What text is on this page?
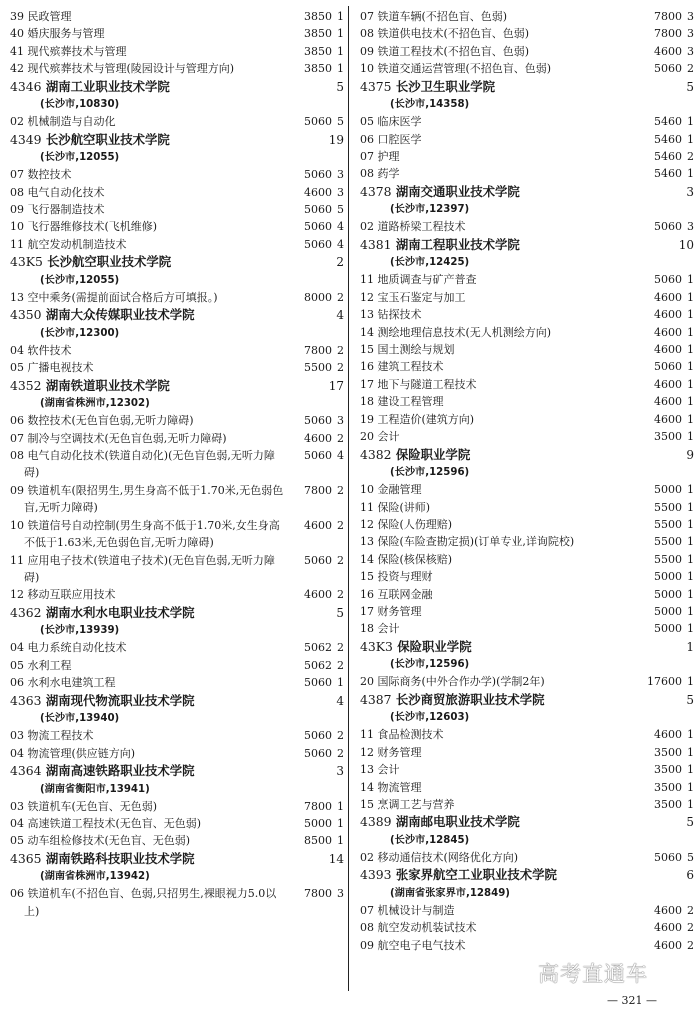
39 民政管理	3850 1
40 婚庆服务与管理	3850 1
41 现代殡葬技术与管理	3850 1
42 现代殡葬技术与管理(陵园设计与管理方向)	3850 1
4346 湖南工业职业技术学院	5
(长沙市,10830)
02 机械制造与自动化	5060 5
4349 长沙航空职业技术学院	19
(长沙市,12055)
07 数控技术	5060 3
08 电气自动化技术	4600 3
09 飞行器制造技术	5060 5
10 飞行器维修技术(飞机维修)	5060 4
11 航空发动机制造技术	5060 4
43K5 长沙航空职业技术学院	2
(长沙市,12055)
13 空中乘务(需提前面试合格后方可填报。)	8000 2
4350 湖南大众传媒职业技术学院	4
(长沙市,12300)
04 软件技术	7800 2
05 广播电视技术	5500 2
4352 湖南铁道职业技术学院	17
(湖南省株洲市,12302)
06 数控技术(无色盲色弱,无听力障碍)	5060 3
07 制冷与空调技术(无色盲色弱,无听力障碍)	4600 2
08 电气自动化技术(铁道自动化)(无色盲色弱,无听力障碍)
5060 4
09 铁道机车(限招男生,男生身高不低于1.70米,无色弱色盲,无听力障碍)
7800 2
10 铁道信号自动控制(男生身高不低于1.70米,女生身高不低于1.63米,无色弱色盲,无听力障碍)
4600 2
11 应用电子技术(铁道电子技术)(无色盲色弱,无听力障碍)
5060 2
12 移动互联应用技术	4600 2
4362 湖南水利水电职业技术学院	5
(长沙市,13939)
04 电力系统自动化技术	5062 2
05 水利工程	5062 2
06 水利水电建筑工程	5060 1
4363 湖南现代物流职业技术学院	4
(长沙市,13940)
03 物流工程技术	5060 2
04 物流管理(供应链方向)	5060 2
4364 湖南高速铁路职业技术学院	3
(湖南省衡阳市,13941)
03 铁道机车(无色盲、无色弱)	7800 1
04 高速铁道工程技术(无色盲、无色弱)	5000 1
05 动车组检修技术(无色盲、无色弱)	8500 1
4365 湖南铁路科技职业技术学院	14
(湖南省株洲市,13942)
06 铁道机车(不招色盲、色弱,只招男生,裸眼视力5.0以上)
7800 3
07 铁道车辆(不招色盲、色弱)	7800 3
08 铁道供电技术(不招色盲、色弱)	7800 3
09 铁道工程技术(不招色盲、色弱)	4600 3
10 铁道交通运营管理(不招色盲、色弱)	5060 2
4375 长沙卫生职业学院	5
(长沙市,14358)
05 临床医学	5460 1
06 口腔医学	5460 1
07 护理	5460 2
08 药学	5460 1
4378 湖南交通职业技术学院	3
(长沙市,12397)
02 道路桥梁工程技术	5060 3
4381 湖南工程职业技术学院	10
(长沙市,12425)
11 地质调查与矿产普查	5060 1
12 宝玉石鉴定与加工	4600 1
13 钻探技术	4600 1
14 测绘地理信息技术(无人机测绘方向)	4600 1
15 国土测绘与规划	4600 1
16 建筑工程技术	5060 1
17 地下与隧道工程技术	4600 1
18 建设工程管理	4600 1
19 工程造价(建筑方向)	4600 1
20 会计	3500 1
4382 保险职业学院	9
(长沙市,12596)
10 金融管理	5000 1
11 保险(讲师)	5500 1
12 保险(人伤理赔)	5500 1
13 保险(车险查勘定损)(订单专业,详询院校)	5500 1
14 保险(核保核赔)	5500 1
15 投资与理财	5000 1
16 互联网金融	5000 1
17 财务管理	5000 1
18 会计	5000 1
43K3 保险职业学院	1
(长沙市,12596)
20 国际商务(中外合作办学)(学制2年)	17600 1
4387 长沙商贸旅游职业技术学院	5
(长沙市,12603)
11 食品检测技术	4600 1
12 财务管理	3500 1
13 会计	3500 1
14 物流管理	3500 1
15 烹调工艺与营养	3500 1
4389 湖南邮电职业技术学院	5
(长沙市,12845)
02 移动通信技术(网络优化方向)	5060 5
4393 张家界航空工业职业技术学院	6
(湖南省张家界市,12849)
07 机械设计与制造	4600 2
08 航空发动机装试技术	4600 2
09 航空电子电气技术	4600 2
高考直通车
— 321 —
